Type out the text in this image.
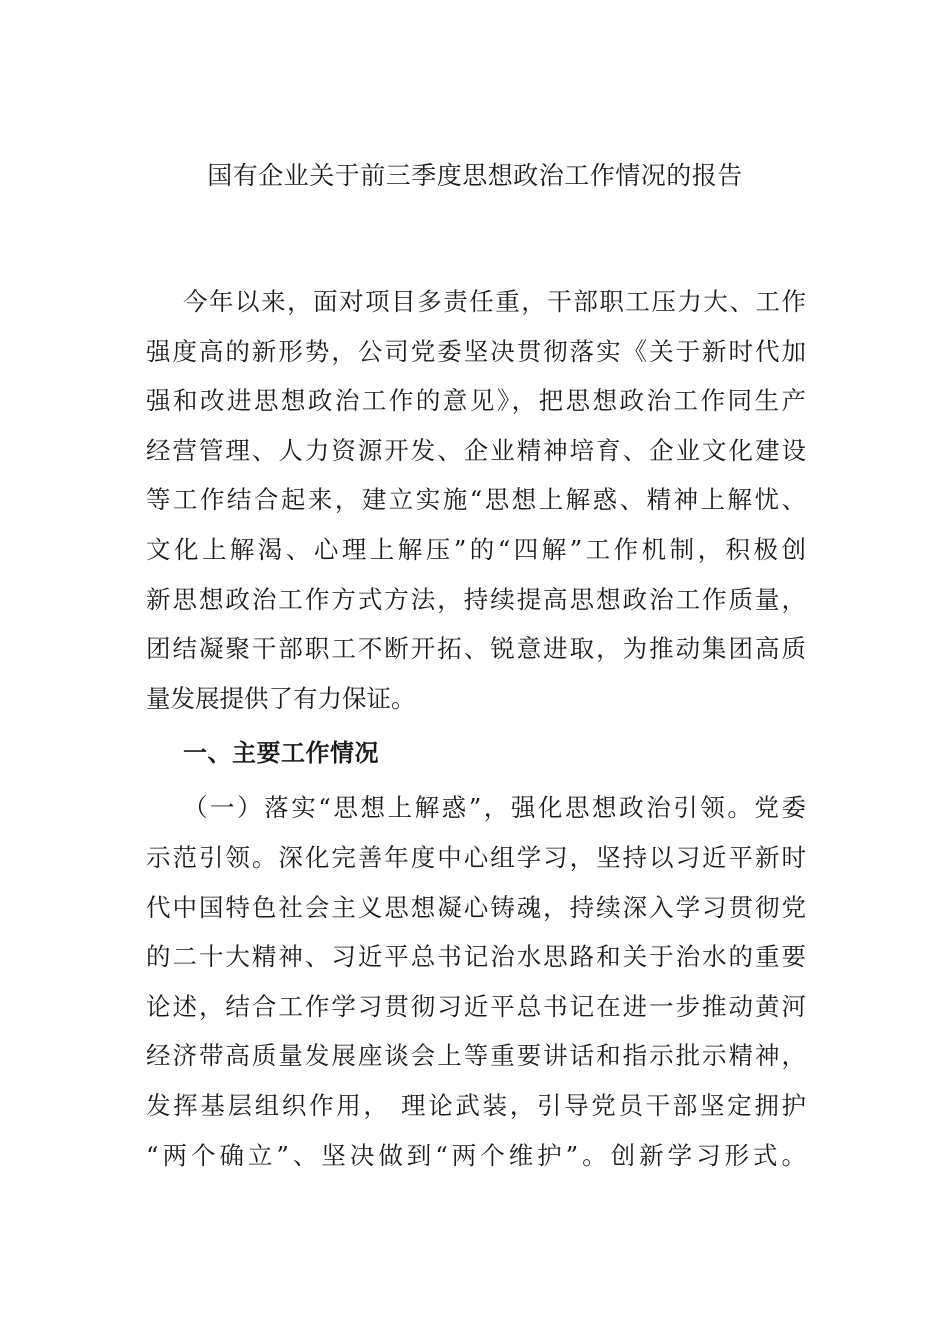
国有企业关于前三季度思想政治工作情况的报告
今年以来，面对项目多责任重，干部职工压力大、工作
强度高的新形势，公司党委坚决贯彻落实《关于新时代加
强和改进思想政治工作的意见》，把思想政治工作同生产
经营管理、人力资源开发、企业精神培育、企业文化建设
等工作结合起来，建立实施“思想上解惑、精神上解忧、
文化上解渴、心理上解压”的“四解”工作机制，积极创
新思想政治工作方式方法，持续提高思想政治工作质量，
团结凝聚干部职工不断开拓、锐意进取，为推动集团高质
量发展提供了有力保证。
一、主要工作情况
（一）落实“思想上解惑”，强化思想政治引领。党委
示范引领。深化完善年度中心组学习，坚持以习近平新时
代中国特色社会主义思想凝心铸魂，持续深入学习贯彻党
的二十大精神、习近平总书记治水思路和关于治水的重要
论述，结合工作学习贯彻习近平总书记在进一步推动黄河
经济带高质量发展座谈会上等重要讲话和指示批示精神，
发挥基层组织作用， 理论武装，引导党员干部坚定拥护
“两个确立”、坚决做到“两个维护”。创新学习形式。
